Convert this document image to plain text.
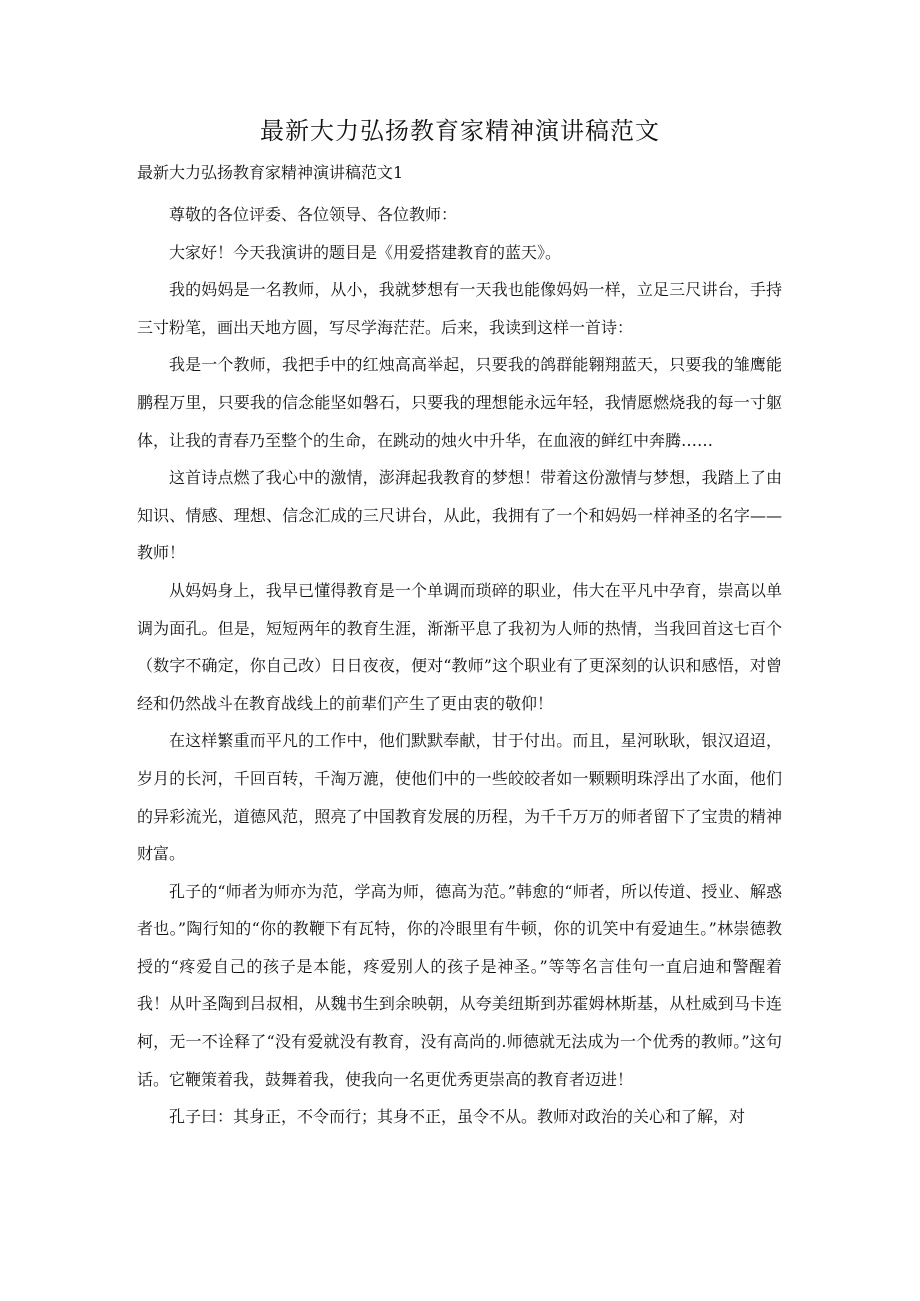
最新大力弘扬教育家精神演讲稿范文
最新大力弘扬教育家精神演讲稿范文1

尊敬的各位评委、各位领导、各位教师：

大家好！今天我演讲的题目是《用爱搭建教育的蓝天》。

我的妈妈是一名教师，从小，我就梦想有一天我也能像妈妈一样，立足三尺讲台，手持三寸粉笔，画出天地方圆，写尽学海茫茫。后来，我读到这样一首诗：

我是一个教师，我把手中的红烛高高举起，只要我的鸽群能翱翔蓝天，只要我的雏鹰能鹏程万里，只要我的信念能坚如磐石，只要我的理想能永远年轻，我情愿燃烧我的每一寸躯体，让我的青春乃至整个的生命，在跳动的烛火中升华，在血液的鲜红中奔腾……

这首诗点燃了我心中的激情，澎湃起我教育的梦想！带着这份激情与梦想，我踏上了由知识、情感、理想、信念汇成的三尺讲台，从此，我拥有了一个和妈妈一样神圣的名字——教师！

从妈妈身上，我早已懂得教育是一个单调而琐碎的职业，伟大在平凡中孕育，崇高以单调为面孔。但是，短短两年的教育生涯，渐渐平息了我初为人师的热情，当我回首这七百个（数字不确定，你自己改）日日夜夜，便对“教师”这个职业有了更深刻的认识和感悟，对曾经和仍然战斗在教育战线上的前辈们产生了更由衷的敬仰！

在这样繁重而平凡的工作中，他们默默奉献，甘于付出。而且，星河耿耿，银汉迢迢，岁月的长河，千回百转，千淘万漉，使他们中的一些皎皎者如一颗颗明珠浮出了水面，他们的异彩流光，道德风范，照亮了中国教育发展的历程，为千千万万的师者留下了宝贵的精神财富。

孔子的“师者为师亦为范，学高为师，德高为范。”韩愈的“师者，所以传道、授业、解惑者也。”陶行知的“你的教鞭下有瓦特，你的冷眼里有牛顿，你的讥笑中有爱迪生。”林崇德教授的“疼爱自己的孩子是本能，疼爱别人的孩子是神圣。”等等名言佳句一直启迪和警醒着我！从叶圣陶到吕叔相，从魏书生到余映朝，从夸美纽斯到苏霍姆林斯基，从杜威到马卡连柯，无一不诠释了“没有爱就没有教育，没有高尚的.师德就无法成为一个优秀的教师。”这句话。它鞭策着我，鼓舞着我，使我向一名更优秀更崇高的教育者迈进！

孔子曰：其身正，不令而行；其身不正，虽令不从。教师对政治的关心和了解，对
